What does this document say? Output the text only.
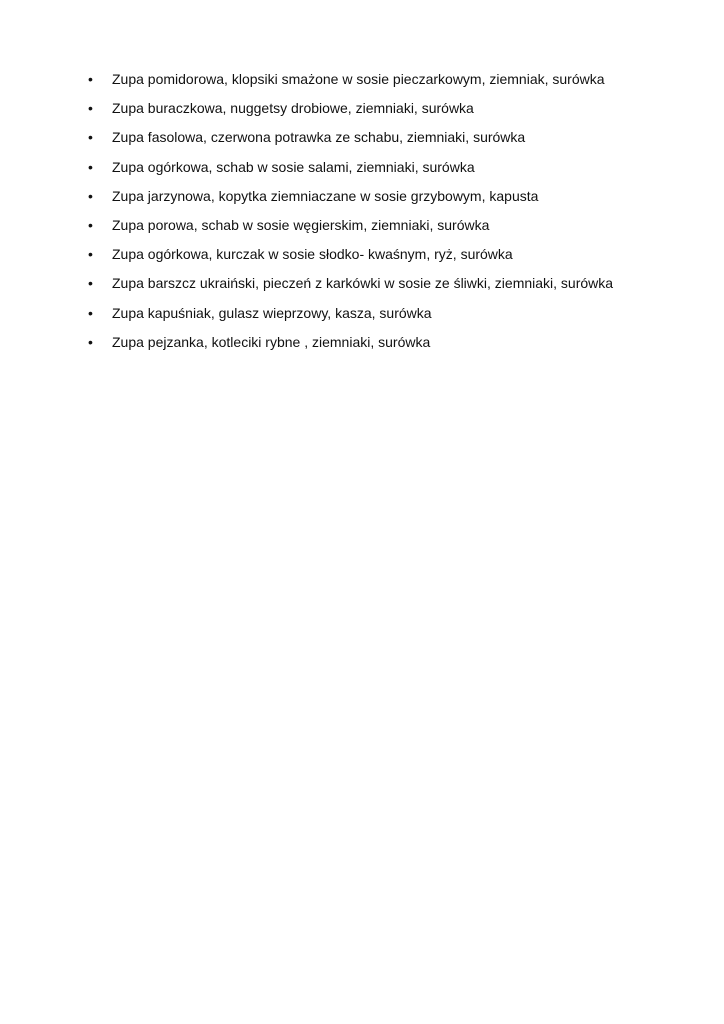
• Zupa pomidorowa, klopsiki smażone w sosie pieczarkowym, ziemniak, surówka
• Zupa buraczkowa, nuggetsy drobiowe, ziemniaki, surówka
• Zupa fasolowa, czerwona potrawka ze schabu, ziemniaki, surówka
• Zupa ogórkowa, schab w sosie salami, ziemniaki, surówka
• Zupa jarzynowa, kopytka ziemniaczane w sosie grzybowym, kapusta
• Zupa porowa, schab w sosie węgierskim, ziemniaki, surówka
• Zupa ogórkowa, kurczak w sosie słodko- kwaśnym, ryż, surówka
• Zupa barszcz ukraiński, pieczeń z karkówki w sosie ze śliwki, ziemniaki, surówka
• Zupa kapuśniak, gulasz wieprzowy, kasza, surówka
• Zupa pejzanka, kotleciki rybne , ziemniaki, surówka
